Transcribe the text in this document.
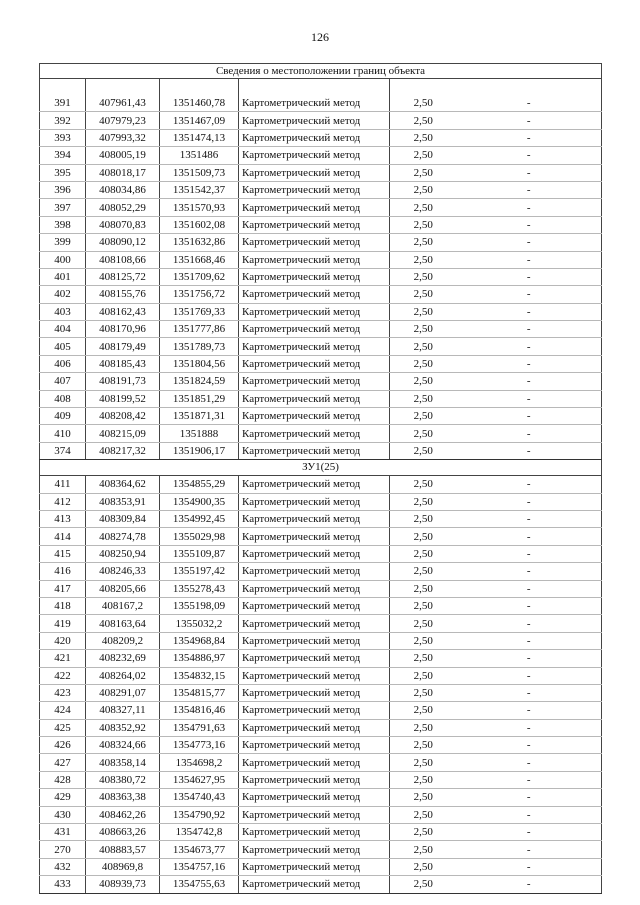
126
Сведения о местоположении границ объекта					

391	407961,43	1351460,78	Картометрический метод	2,50	-
392	407979,23	1351467,09	Картометрический метод	2,50	-
393	407993,32	1351474,13	Картометрический метод	2,50	-
394	408005,19	1351486	Картометрический метод	2,50	-
395	408018,17	1351509,73	Картометрический метод	2,50	-
396	408034,86	1351542,37	Картометрический метод	2,50	-
397	408052,29	1351570,93	Картометрический метод	2,50	-
398	408070,83	1351602,08	Картометрический метод	2,50	-
399	408090,12	1351632,86	Картометрический метод	2,50	-
400	408108,66	1351668,46	Картометрический метод	2,50	-
401	408125,72	1351709,62	Картометрический метод	2,50	-
402	408155,76	1351756,72	Картометрический метод	2,50	-
403	408162,43	1351769,33	Картометрический метод	2,50	-
404	408170,96	1351777,86	Картометрический метод	2,50	-
405	408179,49	1351789,73	Картометрический метод	2,50	-
406	408185,43	1351804,56	Картометрический метод	2,50	-
407	408191,73	1351824,59	Картометрический метод	2,50	-
408	408199,52	1351851,29	Картометрический метод	2,50	-
409	408208,42	1351871,31	Картометрический метод	2,50	-
410	408215,09	1351888	Картометрический метод	2,50	-
374	408217,32	1351906,17	Картометрический метод	2,50	-
ЗУ1(25)					
411	408364,62	1354855,29	Картометрический метод	2,50	-
412	408353,91	1354900,35	Картометрический метод	2,50	-
413	408309,84	1354992,45	Картометрический метод	2,50	-
414	408274,78	1355029,98	Картометрический метод	2,50	-
415	408250,94	1355109,87	Картометрический метод	2,50	-
416	408246,33	1355197,42	Картометрический метод	2,50	-
417	408205,66	1355278,43	Картометрический метод	2,50	-
418	408167,2	1355198,09	Картометрический метод	2,50	-
419	408163,64	1355032,2	Картометрический метод	2,50	-
420	408209,2	1354968,84	Картометрический метод	2,50	-
421	408232,69	1354886,97	Картометрический метод	2,50	-
422	408264,02	1354832,15	Картометрический метод	2,50	-
423	408291,07	1354815,77	Картометрический метод	2,50	-
424	408327,11	1354816,46	Картометрический метод	2,50	-
425	408352,92	1354791,63	Картометрический метод	2,50	-
426	408324,66	1354773,16	Картометрический метод	2,50	-
427	408358,14	1354698,2	Картометрический метод	2,50	-
428	408380,72	1354627,95	Картометрический метод	2,50	-
429	408363,38	1354740,43	Картометрический метод	2,50	-
430	408462,26	1354790,92	Картометрический метод	2,50	-
431	408663,26	1354742,8	Картометрический метод	2,50	-
270	408883,57	1354673,77	Картометрический метод	2,50	-
432	408969,8	1354757,16	Картометрический метод	2,50	-
433	408939,73	1354755,63	Картометрический метод	2,50	-
